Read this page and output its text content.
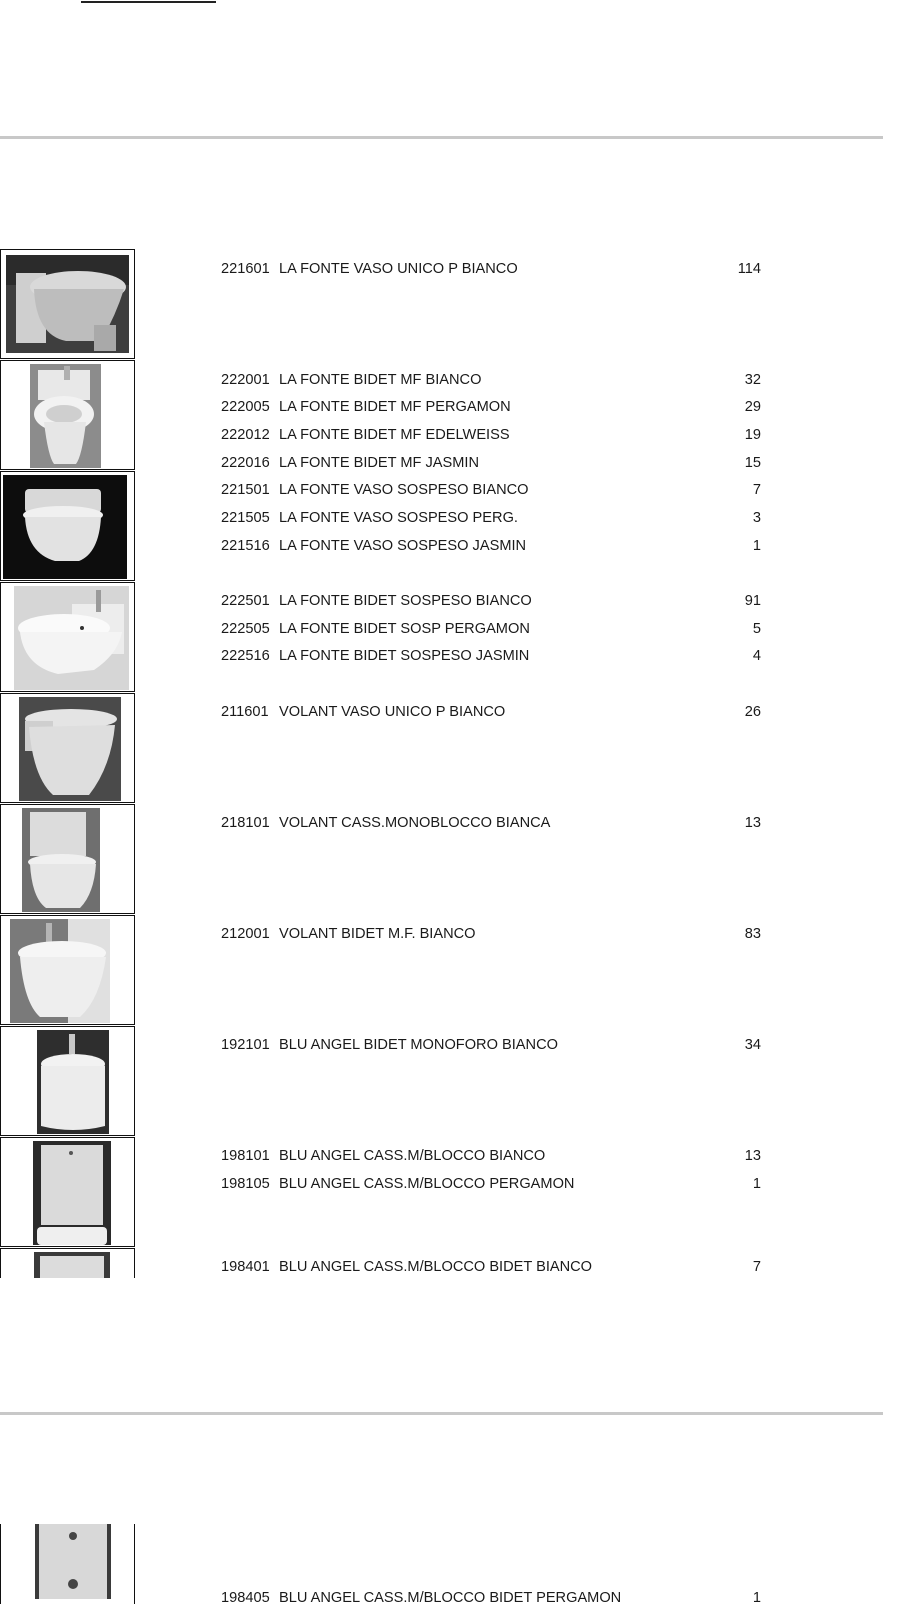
221601 LA FONTE VASO UNICO P BIANCO	114
222001 LA FONTE BIDET MF BIANCO	32
222005 LA FONTE BIDET MF PERGAMON	29
222012 LA FONTE BIDET MF EDELWEISS	19
222016 LA FONTE BIDET MF JASMIN	15
221501 LA FONTE VASO SOSPESO BIANCO	7
221505 LA FONTE VASO SOSPESO PERG.	3
221516 LA FONTE VASO SOSPESO JASMIN	1
222501 LA FONTE BIDET SOSPESO BIANCO	91
222505 LA FONTE BIDET SOSP PERGAMON	5
222516 LA FONTE BIDET SOSPESO JASMIN	4
211601 VOLANT VASO UNICO P BIANCO	26
218101 VOLANT CASS.MONOBLOCCO BIANCA	13
212001 VOLANT BIDET M.F. BIANCO	83
192101 BLU ANGEL BIDET MONOFORO BIANCO	34
198101 BLU ANGEL CASS.M/BLOCCO BIANCO	13
198105 BLU ANGEL CASS.M/BLOCCO PERGAMON	1
198401 BLU ANGEL CASS.M/BLOCCO BIDET BIANCO	7
198405 BLU ANGEL CASS.M/BLOCCO BIDET PERGAMON	1
